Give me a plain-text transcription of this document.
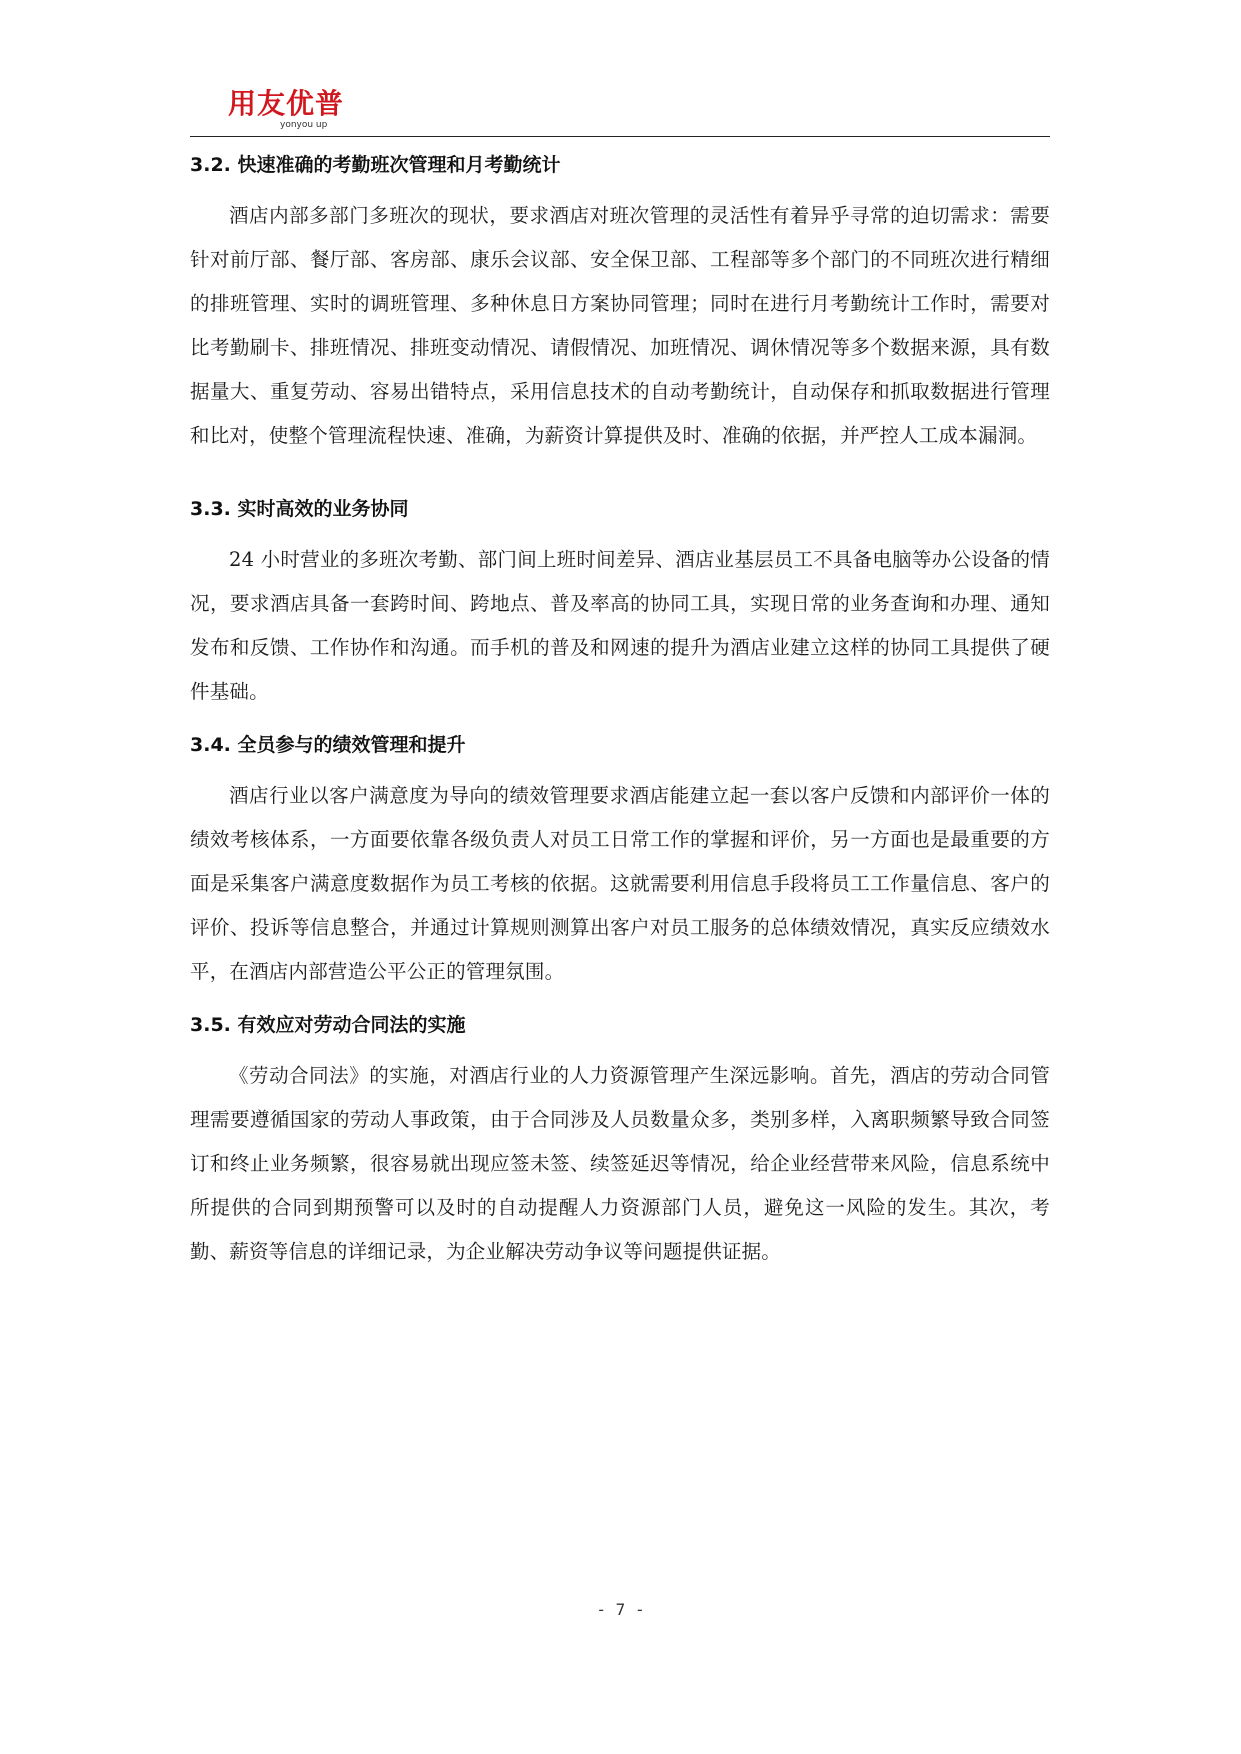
用友优普
yonyou up
3.2. 快速准确的考勤班次管理和月考勤统计

酒店内部多部门多班次的现状，要求酒店对班次管理的灵活性有着异乎寻常的迫切需求：需要针对前厅部、餐厅部、客房部、康乐会议部、安全保卫部、工程部等多个部门的不同班次进行精细的排班管理、实时的调班管理、多种休息日方案协同管理；同时在进行月考勤统计工作时，需要对比考勤刷卡、排班情况、排班变动情况、请假情况、加班情况、调休情况等多个数据来源，具有数据量大、重复劳动、容易出错特点，采用信息技术的自动考勤统计，自动保存和抓取数据进行管理和比对，使整个管理流程快速、准确，为薪资计算提供及时、准确的依据，并严控人工成本漏洞。

3.3. 实时高效的业务协同

24 小时营业的多班次考勤、部门间上班时间差异、酒店业基层员工不具备电脑等办公设备的情况，要求酒店具备一套跨时间、跨地点、普及率高的协同工具，实现日常的业务查询和办理、通知发布和反馈、工作协作和沟通。而手机的普及和网速的提升为酒店业建立这样的协同工具提供了硬件基础。

3.4. 全员参与的绩效管理和提升

酒店行业以客户满意度为导向的绩效管理要求酒店能建立起一套以客户反馈和内部评价一体的绩效考核体系，一方面要依靠各级负责人对员工日常工作的掌握和评价，另一方面也是最重要的方面是采集客户满意度数据作为员工考核的依据。这就需要利用信息手段将员工工作量信息、客户的评价、投诉等信息整合，并通过计算规则测算出客户对员工服务的总体绩效情况，真实反应绩效水平，在酒店内部营造公平公正的管理氛围。

3.5. 有效应对劳动合同法的实施

《劳动合同法》的实施，对酒店行业的人力资源管理产生深远影响。首先，酒店的劳动合同管理需要遵循国家的劳动人事政策，由于合同涉及人员数量众多，类别多样，入离职频繁导致合同签订和终止业务频繁，很容易就出现应签未签、续签延迟等情况，给企业经营带来风险，信息系统中所提供的合同到期预警可以及时的自动提醒人力资源部门人员，避免这一风险的发生。其次，考勤、薪资等信息的详细记录，为企业解决劳动争议等问题提供证据。

- 7 -
